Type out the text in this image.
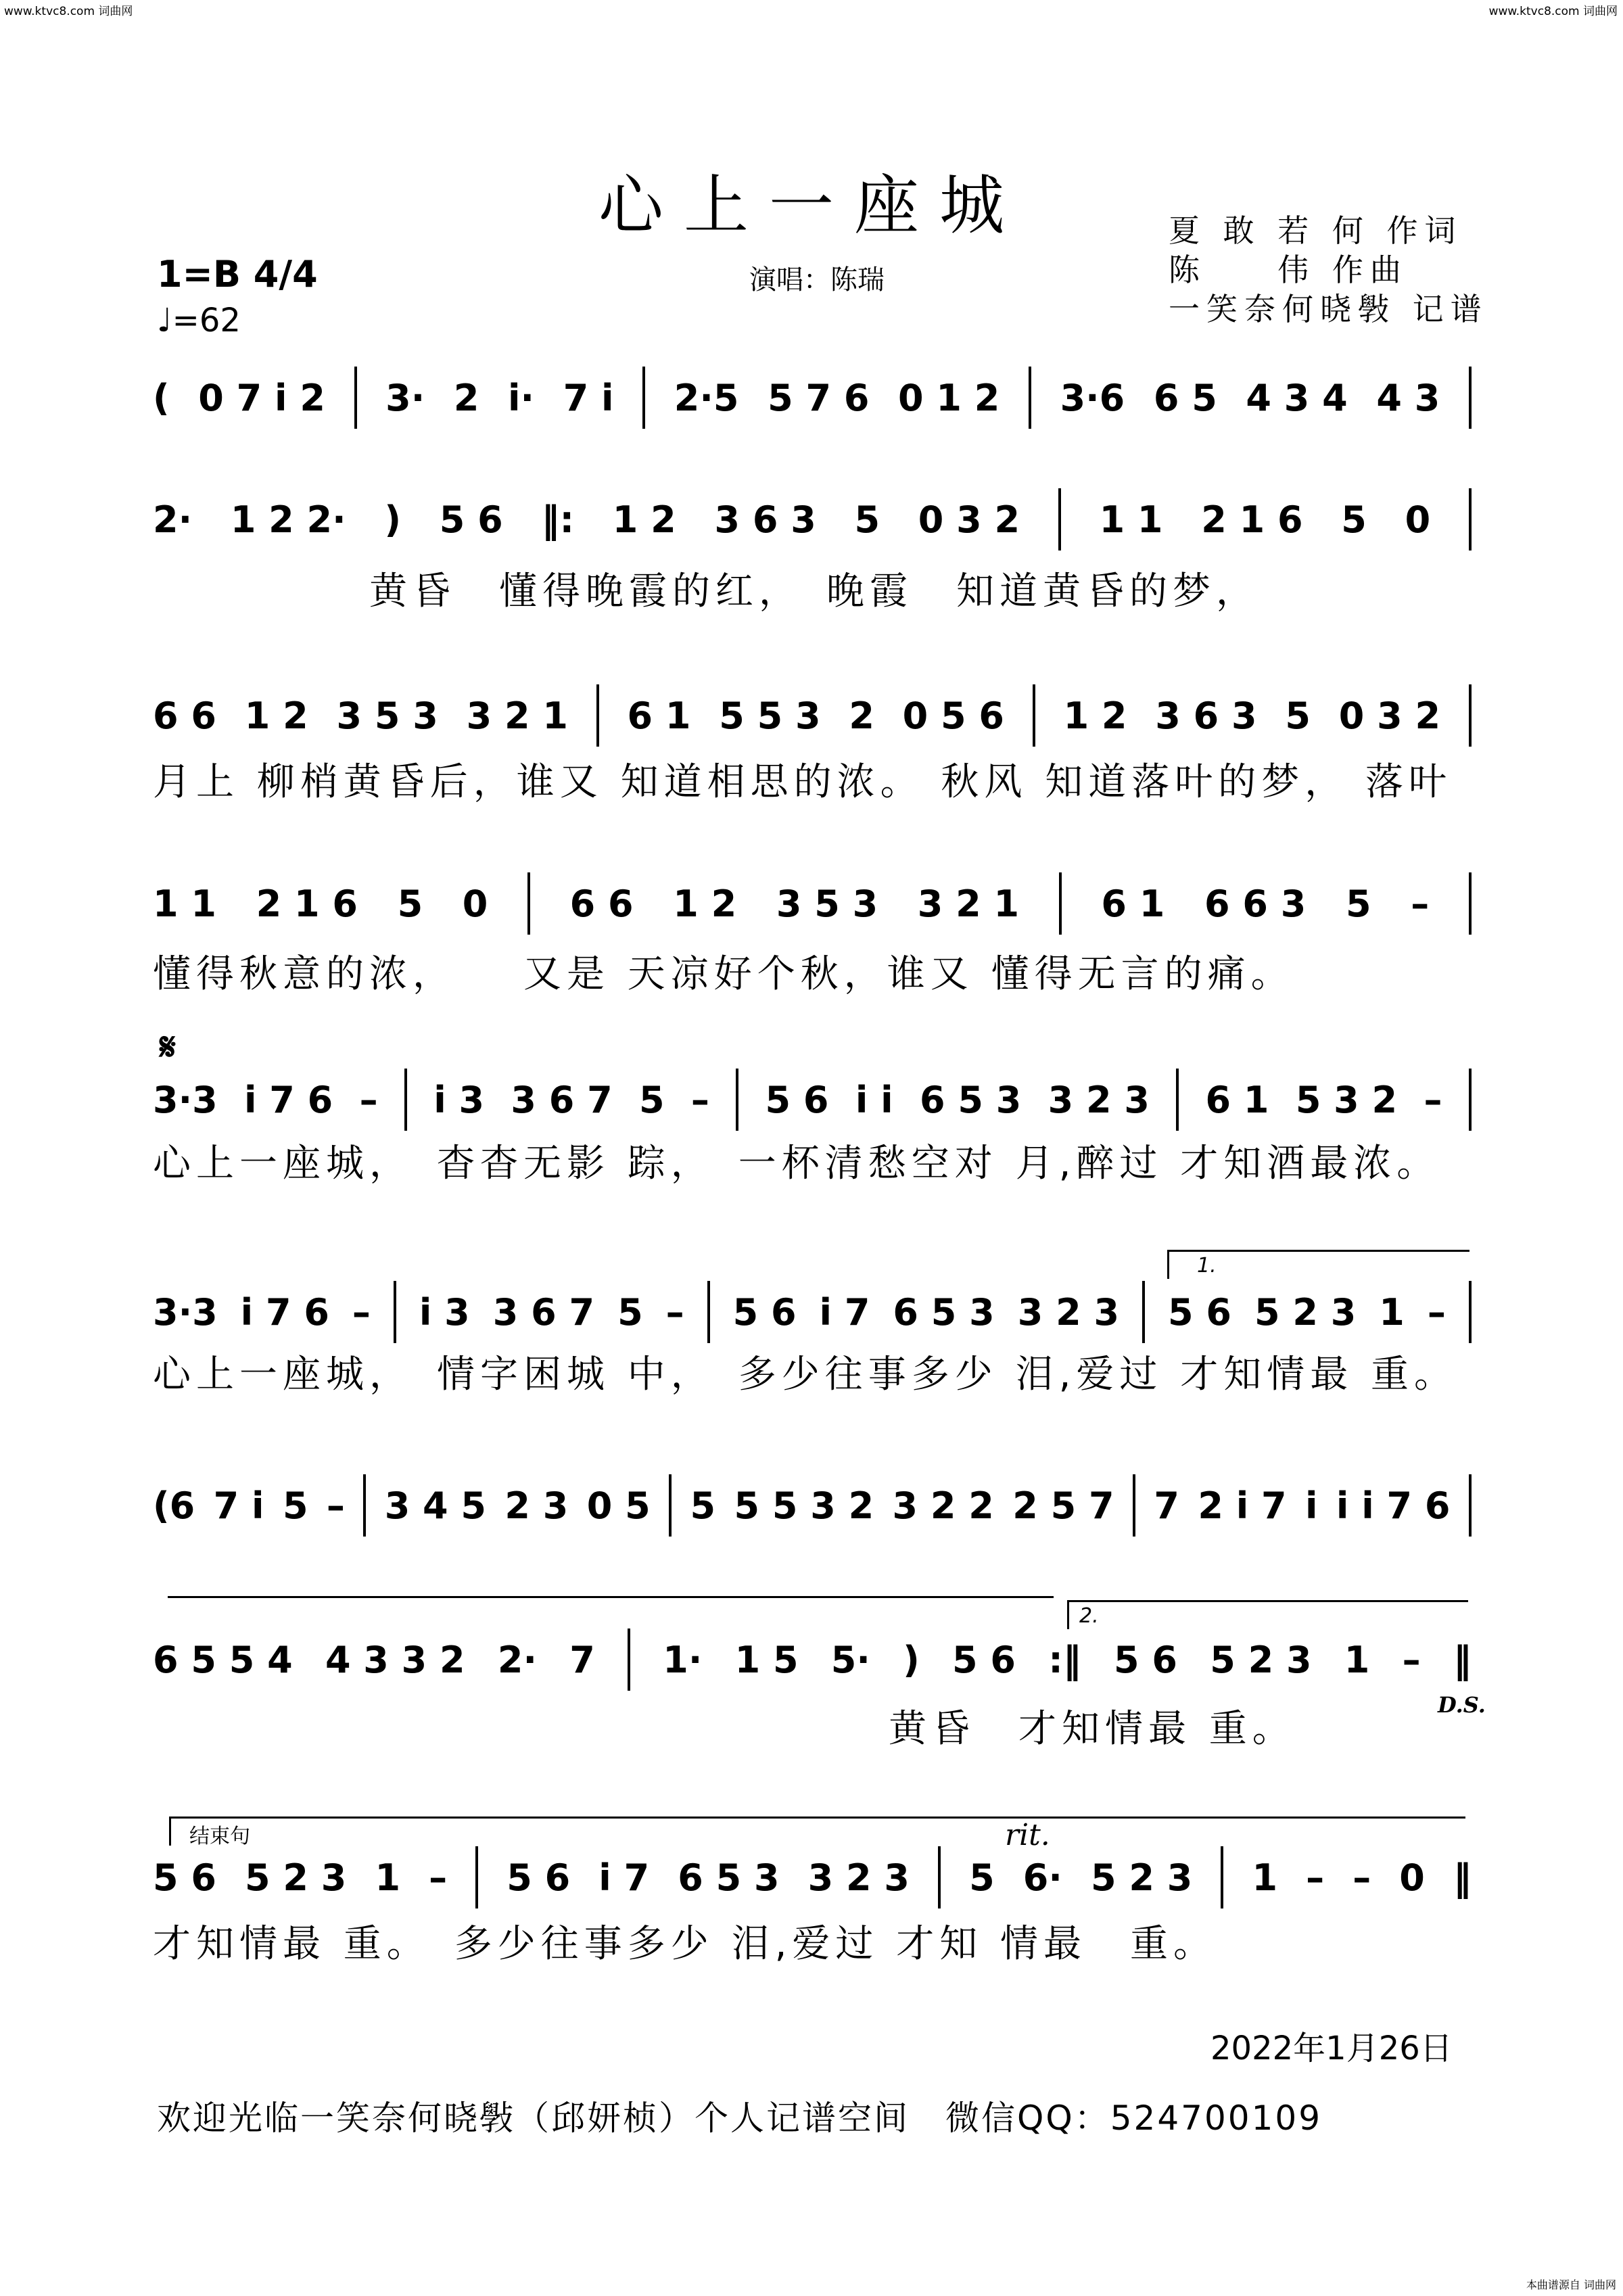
www.ktvc8.com 词曲网	www.ktvc8.com 词曲网
心上一座城	夏 敢 若 何 作词
陈 　 伟 作曲
一笑奈何晓斅 记谱
1=B 4/4
♩=62
演唱：陈瑞
𝄋
1.
2.
结束句
D.S.
rit.
( 0 7 i 2 3· 2 i· 7 i 2·5 5 7 6 0 1 2 3·6 6 5 4 3 4 4 3
2· 1 2 2· ) 5 6 ‖: 1 2 3 6 3 5 0 3 2 1 1 2 1 6 5 0
　　　　　黄昏　懂得晚霞的红，　晚霞　知道黄昏的梦，
6 6 1 2 3 5 3 3 2 1 6 1 5 5 3 2 0 5 6 1 2 3 6 3 5 0 3 2
月上 柳梢黄昏后，谁又 知道相思的浓。 秋风 知道落叶的梦， 落叶
1 1 2 1 6 5 0 6 6 1 2 3 5 3 3 2 1 6 1 6 6 3 5 –
懂得秋意的浓，　　又是 天凉好个秋，谁又 懂得无言的痛。
3·3 i 7 6 – i 3 3 6 7 5 – 5 6 i i 6 5 3 3 2 3 6 1 5 3 2 –
心上一座城，　杳杳无影 踪，　一杯清愁空对 月,醉过 才知酒最浓。
3·3 i 7 6 – i 3 3 6 7 5 – 5 6 i 7 6 5 3 3 2 3 5 6 5 2 3 1 –
心上一座城，　情字困城 中，　多少往事多少 泪,爱过 才知情最 重。
(6 7 i 5 – 3 4 5 2 3 0 5 5 5 5 3 2 3 2 2 2 5 7 7 2 i 7 i i i 7 6
6 5 5 4 4 3 3 2 2· 7 1· 1 5 5· ) 5 6 :‖ 5 6 5 2 3 1 – ‖
　　　　　　　　　　　　　　　　　黄昏　才知情最 重。
5 6 5 2 3 1 – 5 6 i 7 6 5 3 3 2 3 5 6· 5 2 3 1 – – 0 ‖
才知情最 重。　多少往事多少 泪,爱过 才知 情最　重。
2022年1月26日
欢迎光临一笑奈何晓斅（邱妍桢）个人记谱空间　微信QQ：524700109
本曲谱源自 词曲网
